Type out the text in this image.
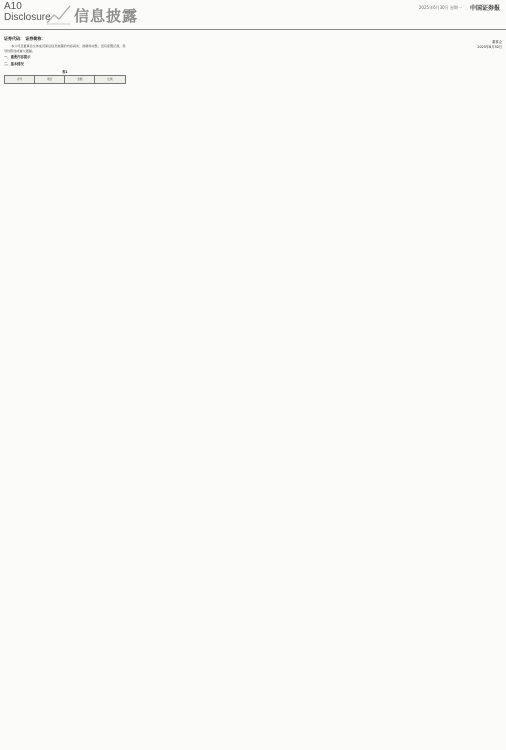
A10
Disclosure 信息披露	2025年6月30日 星期一 中国证券报
证券代码： 证券简称：

本公司及董事会全体成员保证信息披露的内容真实、准确和完整，没有虚假记载、误导性陈述或重大遗漏。

一、重要内容提示
二、基本情况
表1
序号	项目	金额	比例
董事会
2025年6月30日
